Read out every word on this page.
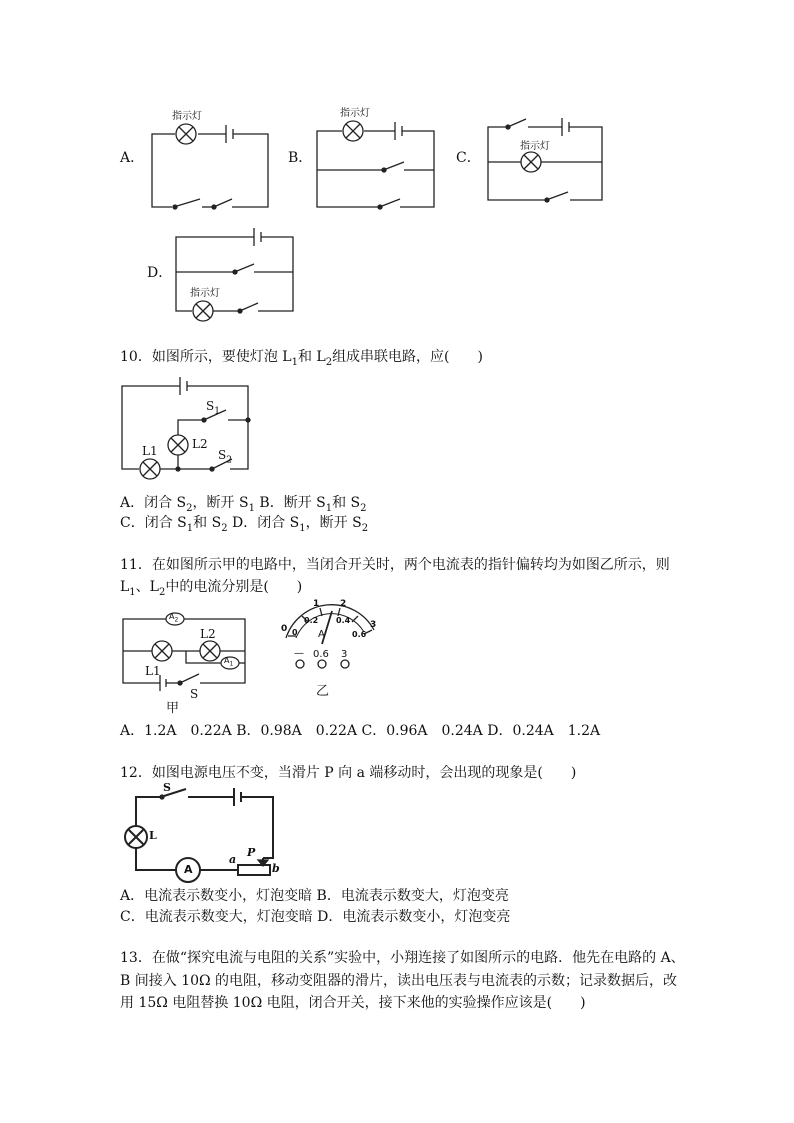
A．	B．	C．
D．
指示灯	指示灯
指示灯
指示灯
10．如图所示，要使灯泡 $L_1$和 $L_2$组成串联电路，应(　　)
$S_1$
$S_2$
L1	L2
A．闭合 $S_2$，断开 $S_1$ B．断开 $S_1$和 $S_2$
C．闭合 $S_1$和 $S_2$ D．闭合 $S_1$，断开 $S_2$
11．在如图所示甲的电路中，当闭合开关时，两个电流表的指针偏转均为如图乙所示，则
$L_1$、$L_2$中的电流分别是(　　)
$A_2$
$A_1$
L2
L1
S
甲
0
1 2
3
0
0.2 0.4
0.6
A
— 0.6 3
乙
A．1.2A　0.22A B．0.98A　0.22A C．0.96A　0.24A D．0.24A　1.2A
12．如图电源电压不变，当滑片 P 向 a 端移动时，会出现的现象是(　　)
S
L
A
a
P
b
A．电流表示数变小，灯泡变暗 B．电流表示数变大，灯泡变亮
C．电流表示数变大，灯泡变暗 D．电流表示数变小，灯泡变亮
13．在做“探究电流与电阻的关系”实验中，小翔连接了如图所示的电路．他先在电路的 A、
B 间接入 10Ω 的电阻，移动变阻器的滑片，读出电压表与电流表的示数；记录数据后，改
用 15Ω 电阻替换 10Ω 电阻，闭合开关，接下来他的实验操作应该是(　　)
